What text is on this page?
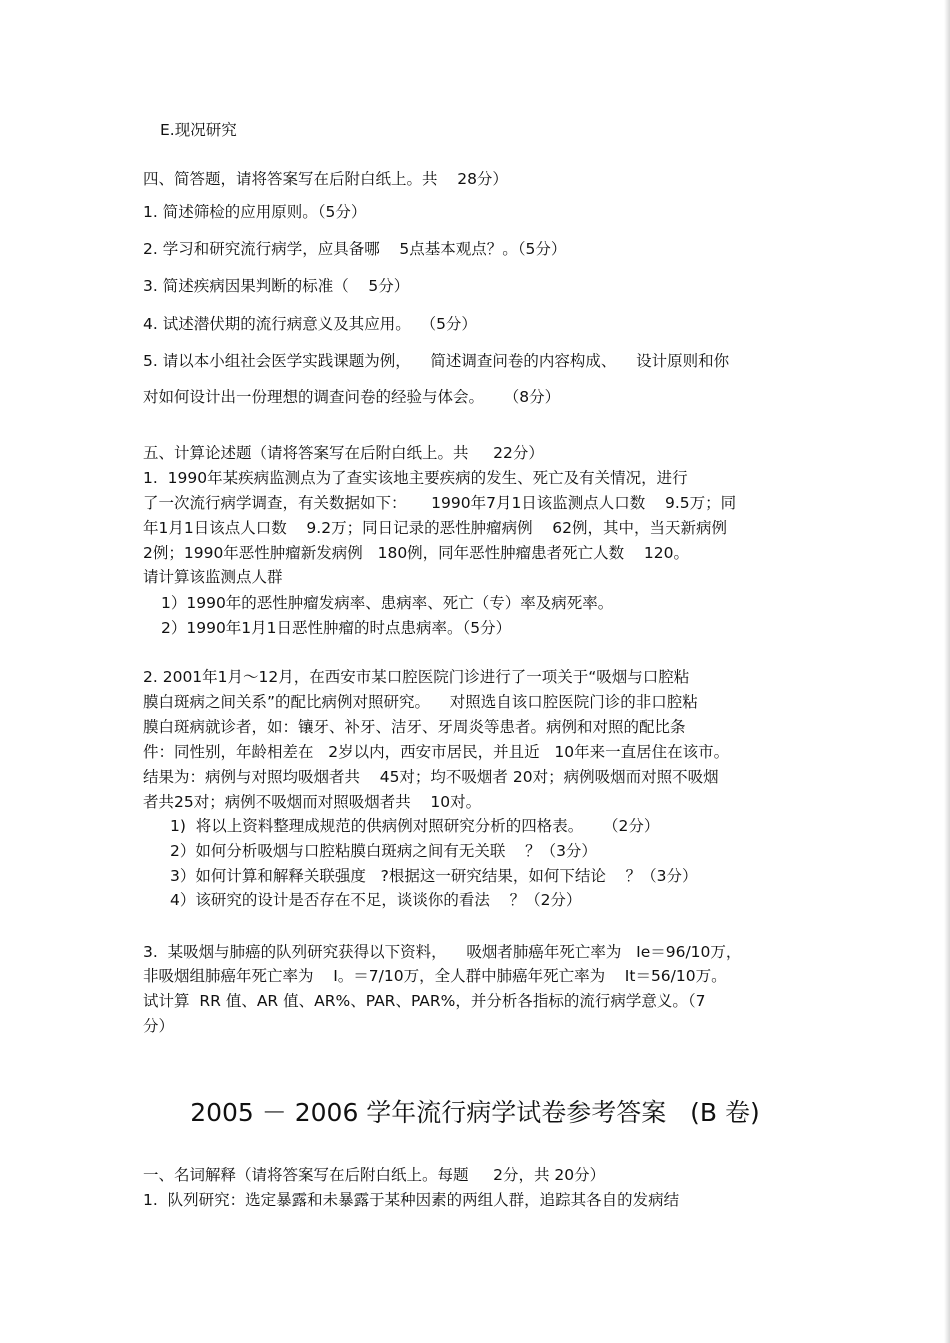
E.现况研究
四、简答题，请将答案写在后附白纸上。共    28分）
1. 简述筛检的应用原则。（5分）
2. 学习和研究流行病学，应具备哪    5点基本观点？。（5分）
3. 简述疾病因果判断的标准（    5分）
4. 试述潜伏期的流行病意义及其应用。  （5分）
5. 请以本小组社会医学实践课题为例，    简述调查问卷的内容构成、    设计原则和你
对如何设计出一份理想的调查问卷的经验与体会。    （8分）
五、计算论述题（请将答案写在后附白纸上。共     22分）
1.  1990年某疾病监测点为了查实该地主要疾病的发生、死亡及有关情况，进行
了一次流行病学调查，有关数据如下：     1990年7月1日该监测点人口数    9.5万；同
年1月1日该点人口数    9.2万；同日记录的恶性肿瘤病例    62例，其中，当天新病例
2例；1990年恶性肿瘤新发病例   180例，同年恶性肿瘤患者死亡人数    120。
请计算该监测点人群
1）1990年的恶性肿瘤发病率、患病率、死亡（专）率及病死率。
2）1990年1月1日恶性肿瘤的时点患病率。（5分）
2. 2001年1月～12月，在西安市某口腔医院门诊进行了一项关于“吸烟与口腔粘
膜白斑病之间关系”的配比病例对照研究。    对照选自该口腔医院门诊的非口腔粘
膜白斑病就诊者，如：镶牙、补牙、洁牙、牙周炎等患者。病例和对照的配比条
件：同性别，年龄相差在   2岁以内，西安市居民，并且近   10年来一直居住在该市。
结果为：病例与对照均吸烟者共    45对；均不吸烟者 20对；病例吸烟而对照不吸烟
者共25对；病例不吸烟而对照吸烟者共    10对。
1)  将以上资料整理成规范的供病例对照研究分析的四格表。    （2分）
2）如何分析吸烟与口腔粘膜白斑病之间有无关联    ？（3分）
3）如何计算和解释关联强度   ?根据这一研究结果，如何下结论    ？（3分）
4）该研究的设计是否存在不足，谈谈你的看法    ？（2分）
3.  某吸烟与肺癌的队列研究获得以下资料，    吸烟者肺癌年死亡率为   Ie＝96/10万，
非吸烟组肺癌年死亡率为    I。＝7/10万，全人群中肺癌年死亡率为    It＝56/10万。
试计算  RR 值、AR 值、AR%、PAR、PAR%，并分析各指标的流行病学意义。（7
分）
2005 － 2006 学年流行病学试卷参考答案   (B 卷)
一、名词解释（请将答案写在后附白纸上。每题     2分，共 20分）
1.  队列研究：选定暴露和未暴露于某种因素的两组人群，追踪其各自的发病结
